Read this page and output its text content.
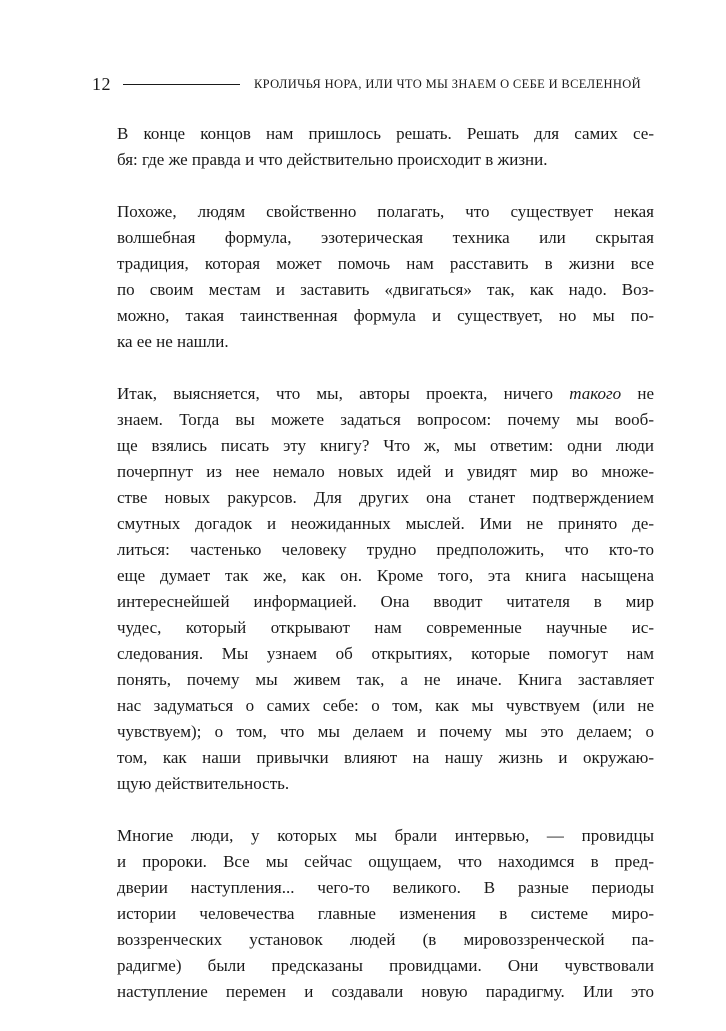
12	КРОЛИЧЬЯ НОРА, ИЛИ ЧТО МЫ ЗНАЕМ О СЕБЕ И ВСЕЛЕННОЙ

В конце концов нам пришлось решать. Решать для самих се-
бя: где же правда и что действительно происходит в жизни.

Похоже, людям свойственно полагать, что существует некая
волшебная формула, эзотерическая техника или скрытая
традиция, которая может помочь нам расставить в жизни все
по своим местам и заставить «двигаться» так, как надо. Воз-
можно, такая таинственная формула и существует, но мы по-
ка ее не нашли.

Итак, выясняется, что мы, авторы проекта, ничего такого не
знаем. Тогда вы можете задаться вопросом: почему мы вооб-
ще взялись писать эту книгу? Что ж, мы ответим: одни люди
почерпнут из нее немало новых идей и увидят мир во множе-
стве новых ракурсов. Для других она станет подтверждением
смутных догадок и неожиданных мыслей. Ими не принято де-
литься: частенько человеку трудно предположить, что кто-то
еще думает так же, как он. Кроме того, эта книга насыщена
интереснейшей информацией. Она вводит читателя в мир
чудес, который открывают нам современные научные ис-
следования. Мы узнаем об открытиях, которые помогут нам
понять, почему мы живем так, а не иначе. Книга заставляет
нас задуматься о самих себе: о том, как мы чувствуем (или не
чувствуем); о том, что мы делаем и почему мы это делаем; о
том, как наши привычки влияют на нашу жизнь и окружаю-
щую действительность.

Многие люди, у которых мы брали интервью, — провидцы
и пророки. Все мы сейчас ощущаем, что находимся в пред-
дверии наступления... чего-то великого. В разные периоды
истории человечества главные изменения в системе миро-
воззренческих установок людей (в мировоззренческой па-
радигме) были предсказаны провидцами. Они чувствовали
наступление перемен и создавали новую парадигму. Или это
